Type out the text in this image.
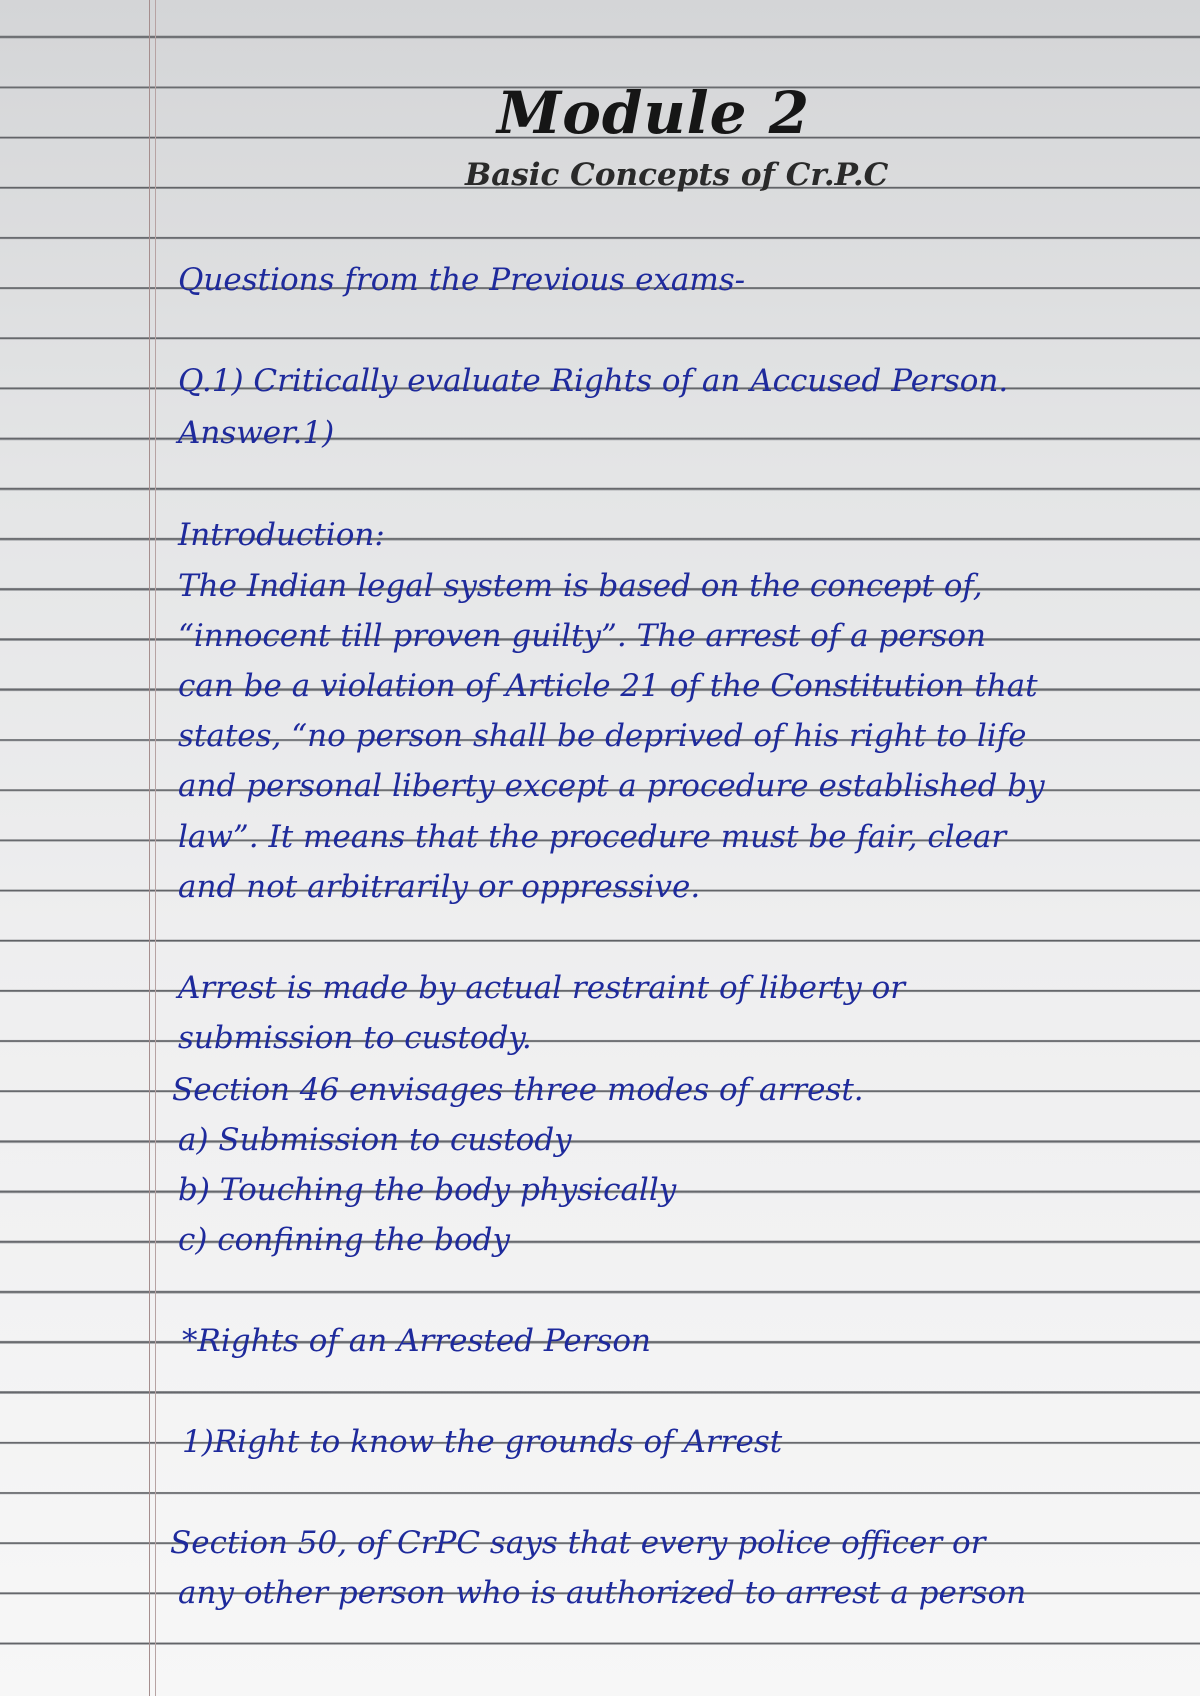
Module 2
Basic Concepts of Cr.P.C

Questions from the Previous exams-

Q.1) Critically evaluate Rights of an Accused Person.

Answer.1)

Introduction:

The Indian legal system is based on the concept of,

“innocent till proven guilty”. The arrest of a person

can be a violation of Article 21 of the Constitution that

states, “no person shall be deprived of his right to life

and personal liberty except a procedure established by

law”. It means that the procedure must be fair, clear

and not arbitrarily or oppressive.

Arrest is made by actual restraint of liberty or

submission to custody.

Section 46 envisages three modes of arrest.

a) Submission to custody

b) Touching the body physically

c) confining the body

*Rights of an Arrested Person

1)Right to know the grounds of Arrest

Section 50, of CrPC says that every police officer or

any other person who is authorized to arrest a person
